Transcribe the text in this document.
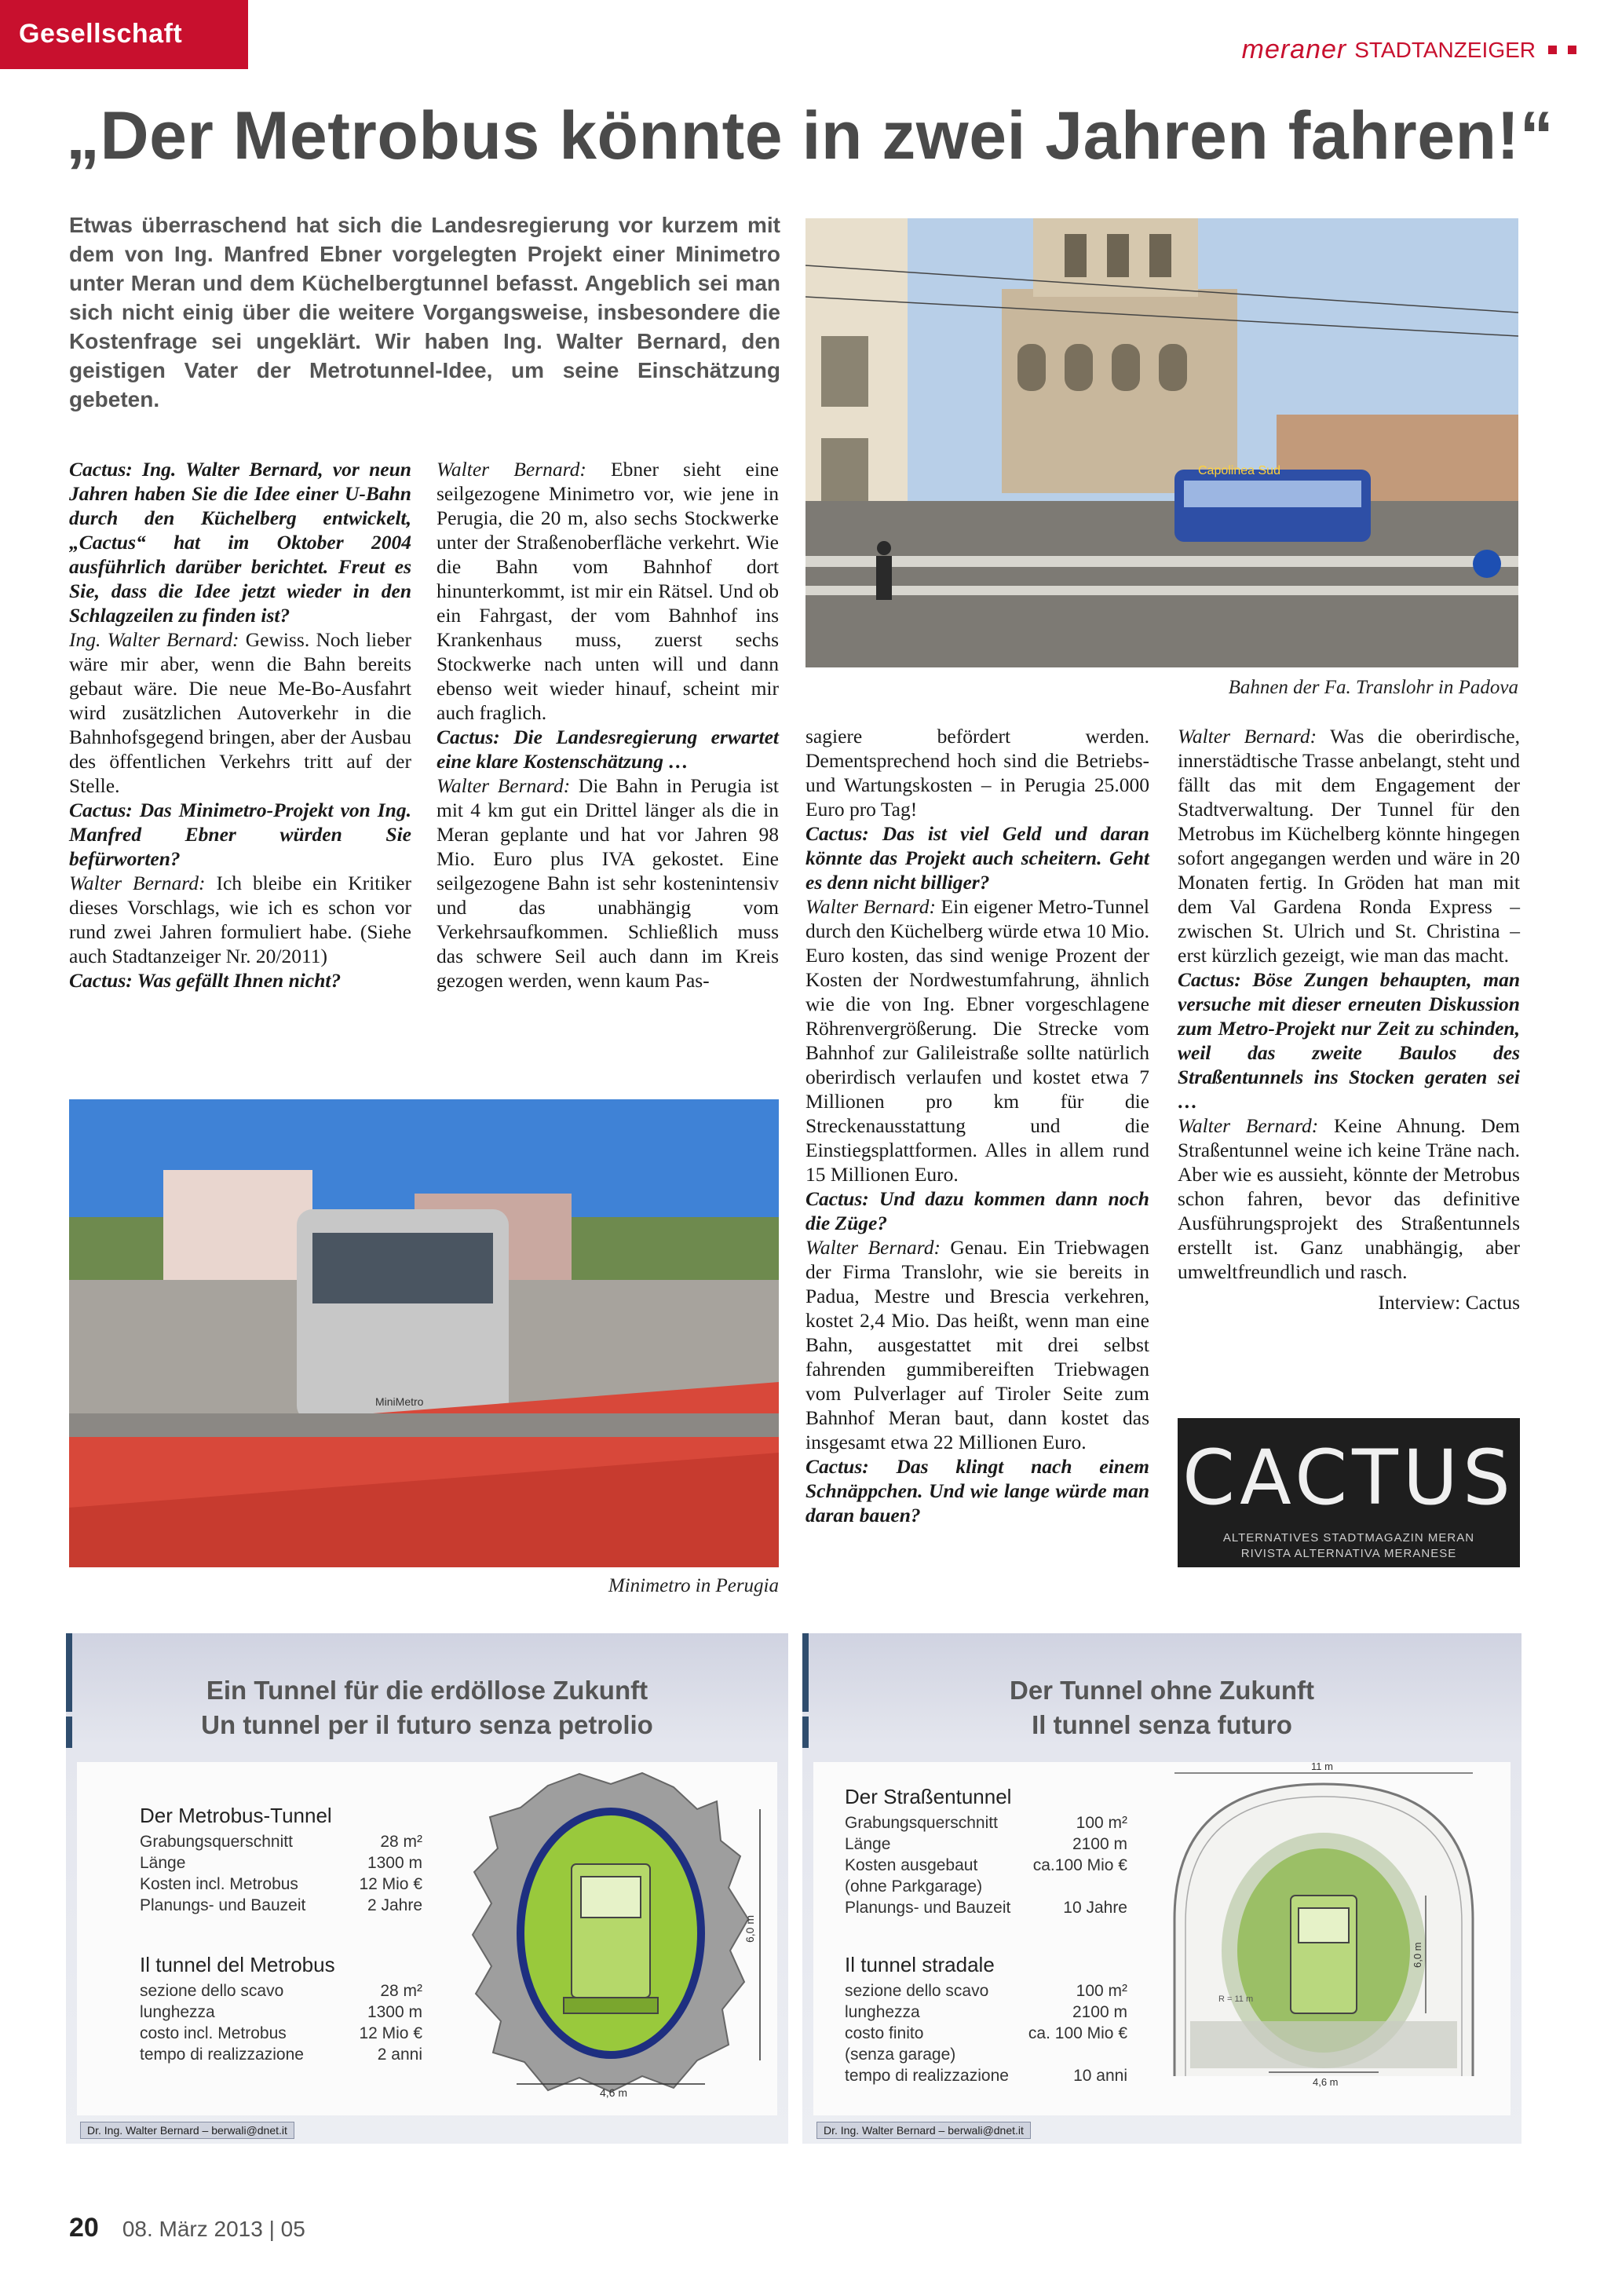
Gesellschaft
meraner STADTANZEIGER
„Der Metrobus könnte in zwei Jahren fahren!“

Etwas überraschend hat sich die Landesregierung vor kurzem mit dem von Ing. Manfred Ebner vorgelegten Projekt einer Minimetro unter Meran und dem Küchelbergtunnel befasst. Angeblich sei man sich nicht einig über die weitere Vorgangsweise, insbesondere die Kostenfrage sei ungeklärt. Wir haben Ing. Walter Bernard, den geistigen Vater der Metrotunnel-Idee, um seine Einschätzung gebeten.

Capolinea Sud
Bahnen der Fa. Translohr in Padova
MiniMetro
Minimetro in Perugia

Cactus: Ing. Walter Bernard, vor neun Jahren haben Sie die Idee einer U-Bahn durch den Küchelberg entwickelt, „Cactus“ hat im Oktober 2004 ausführlich darüber berichtet. Freut es Sie, dass die Idee jetzt wieder in den Schlagzeilen zu finden ist?

Ing. Walter Bernard: Gewiss. Noch lieber wäre mir aber, wenn die Bahn bereits gebaut wäre. Die neue Me-Bo-Ausfahrt wird zusätzlichen Autoverkehr in die Bahnhofsgegend bringen, aber der Ausbau des öffentlichen Verkehrs tritt auf der Stelle.

Cactus: Das Minimetro-Projekt von Ing. Manfred Ebner würden Sie befürworten?

Walter Bernard: Ich bleibe ein Kritiker dieses Vorschlags, wie ich es schon vor rund zwei Jahren formuliert habe. (Siehe auch Stadtanzeiger Nr. 20/2011)

Cactus: Was gefällt Ihnen nicht?

Walter Bernard: Ebner sieht eine seilgezogene Minimetro vor, wie jene in Perugia, die 20 m, also sechs Stockwerke unter der Straßenoberfläche verkehrt. Wie die Bahn vom Bahnhof dort hinunterkommt, ist mir ein Rätsel. Und ob ein Fahrgast, der vom Bahnhof ins Krankenhaus muss, zuerst sechs Stockwerke nach unten will und dann ebenso weit wieder hinauf, scheint mir auch fraglich.

Cactus: Die Landesregierung erwartet eine klare Kostenschätzung …

Walter Bernard: Die Bahn in Perugia ist mit 4 km gut ein Drittel länger als die in Meran geplante und hat vor Jahren 98 Mio. Euro plus IVA gekostet. Eine seilgezogene Bahn ist sehr kostenintensiv und das unabhängig vom Verkehrsaufkommen. Schließlich muss das schwere Seil auch dann im Kreis gezogen werden, wenn kaum Pas-

sagiere befördert werden. Dementsprechend hoch sind die Betriebs- und Wartungskosten – in Perugia 25.000 Euro pro Tag!

Cactus: Das ist viel Geld und daran könnte das Projekt auch scheitern. Geht es denn nicht billiger?

Walter Bernard: Ein eigener Metro-Tunnel durch den Küchelberg würde etwa 10 Mio. Euro kosten, das sind wenige Prozent der Kosten der Nordwestumfahrung, ähnlich wie die von Ing. Ebner vorgeschlagene Röhrenvergrößerung. Die Strecke vom Bahnhof zur Galileistraße sollte natürlich oberirdisch verlaufen und kostet etwa 7 Millionen pro km für die Streckenausstattung und die Einstiegsplattformen. Alles in allem rund 15 Millionen Euro.

Cactus: Und dazu kommen dann noch die Züge?

Walter Bernard: Genau. Ein Triebwagen der Firma Translohr, wie sie bereits in Padua, Mestre und Brescia verkehren, kostet 2,4 Mio. Das heißt, wenn man eine Bahn, ausgestattet mit drei selbst fahrenden gummibereiften Triebwagen vom Pulverlager auf Tiroler Seite zum Bahnhof Meran baut, dann kostet das insgesamt etwa 22 Millionen Euro.

Cactus: Das klingt nach einem Schnäppchen. Und wie lange würde man daran bauen?

Walter Bernard: Was die oberirdische, innerstädtische Trasse anbelangt, steht und fällt das mit dem Engagement der Stadtverwaltung. Der Tunnel für den Metrobus im Küchelberg könnte hingegen sofort angegangen werden und wäre in 20 Monaten fertig. In Gröden hat man mit dem Val Gardena Ronda Express – zwischen St. Ulrich und St. Christina – erst kürzlich gezeigt, wie man das macht.

Cactus: Böse Zungen behaupten, man versuche mit dieser erneuten Diskussion zum Metro-Projekt nur Zeit zu schinden, weil das zweite Baulos des Straßentunnels ins Stocken geraten sei …

Walter Bernard: Keine Ahnung. Dem Straßentunnel weine ich keine Träne nach. Aber wie es aussieht, könnte der Metrobus schon fahren, bevor das definitive Ausführungsprojekt des Straßentunnels erstellt ist. Ganz unabhängig, aber umweltfreundlich und rasch.

Interview: Cactus

CACTUS
ALTERNATIVES STADTMAGAZIN MERAN
RIVISTA ALTERNATIVA MERANESE
Ein Tunnel für die erdöllose Zukunft
Un tunnel per il futuro senza petrolio
Der Metrobus-Tunnel
Grabungsquerschnitt	28 m²
Länge	1300 m
Kosten incl. Metrobus	12 Mio €
Planungs- und Bauzeit	2 Jahre
Il tunnel del Metrobus
sezione dello scavo	28 m²
lunghezza	1300 m
costo incl. Metrobus	12 Mio €
tempo di realizzazione	2 anni
6,0 m
4,6 m
Dr. Ing. Walter Bernard – berwali@dnet.it
Der Tunnel ohne Zukunft
Il tunnel senza futuro
Der Straßentunnel
Grabungsquerschnitt	100 m²
Länge	2100 m
Kosten ausgebaut	ca.100 Mio €
(ohne Parkgarage)
Planungs- und Bauzeit	10 Jahre
Il tunnel stradale
sezione dello scavo	100 m²
lunghezza	2100 m
costo finito	ca. 100 Mio €
(senza garage)
tempo di realizzazione	10 anni
11 m
R = 11 m
6,0 m
4,6 m
Dr. Ing. Walter Bernard – berwali@dnet.it
20 08. März 2013 | 05
